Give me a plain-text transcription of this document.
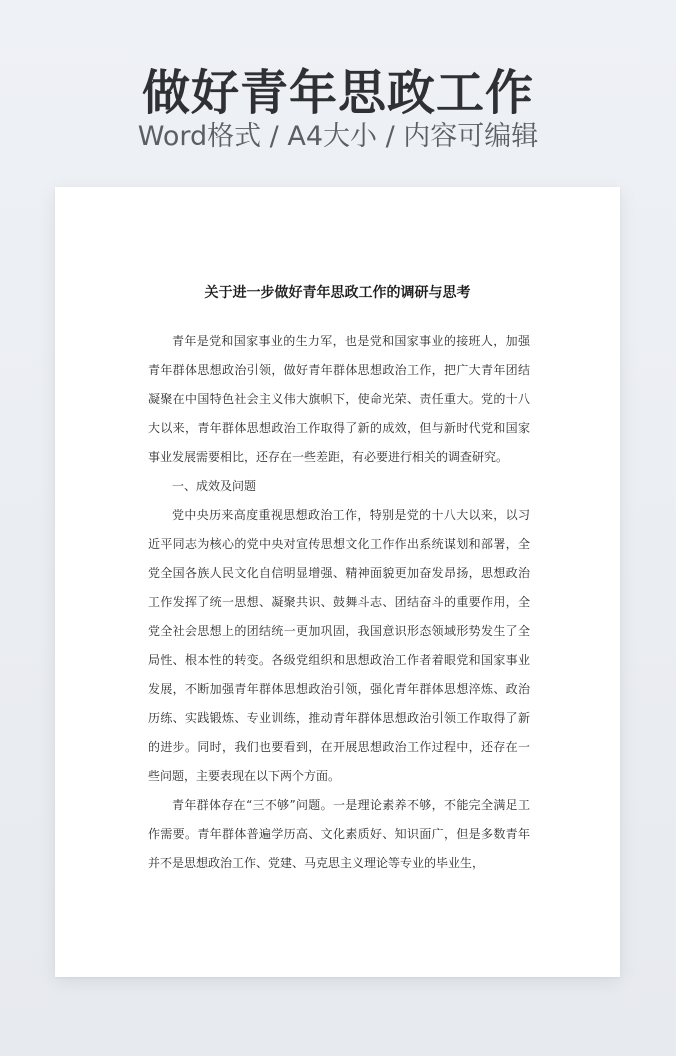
做好青年思政工作
Word格式 / A4大小 / 内容可编辑
关于进一步做好青年思政工作的调研与思考

青年是党和国家事业的生力军，也是党和国家事业的接班人，加强青年群体思想政治引领，做好青年群体思想政治工作，把广大青年团结凝聚在中国特色社会主义伟大旗帜下，使命光荣、责任重大。党的十八大以来，青年群体思想政治工作取得了新的成效，但与新时代党和国家事业发展需要相比，还存在一些差距，有必要进行相关的调查研究。

一、成效及问题

党中央历来高度重视思想政治工作，特别是党的十八大以来，以习近平同志为核心的党中央对宣传思想文化工作作出系统谋划和部署，全党全国各族人民文化自信明显增强、精神面貌更加奋发昂扬，思想政治工作发挥了统一思想、凝聚共识、鼓舞斗志、团结奋斗的重要作用，全党全社会思想上的团结统一更加巩固，我国意识形态领域形势发生了全局性、根本性的转变。各级党组织和思想政治工作者着眼党和国家事业发展，不断加强青年群体思想政治引领，强化青年群体思想淬炼、政治历练、实践锻炼、专业训练，推动青年群体思想政治引领工作取得了新的进步。同时，我们也要看到，在开展思想政治工作过程中，还存在一些问题，主要表现在以下两个方面。

青年群体存在“三不够”问题。一是理论素养不够，不能完全满足工作需要。青年群体普遍学历高、文化素质好、知识面广，但是多数青年并不是思想政治工作、党建、马克思主义理论等专业的毕业生，
